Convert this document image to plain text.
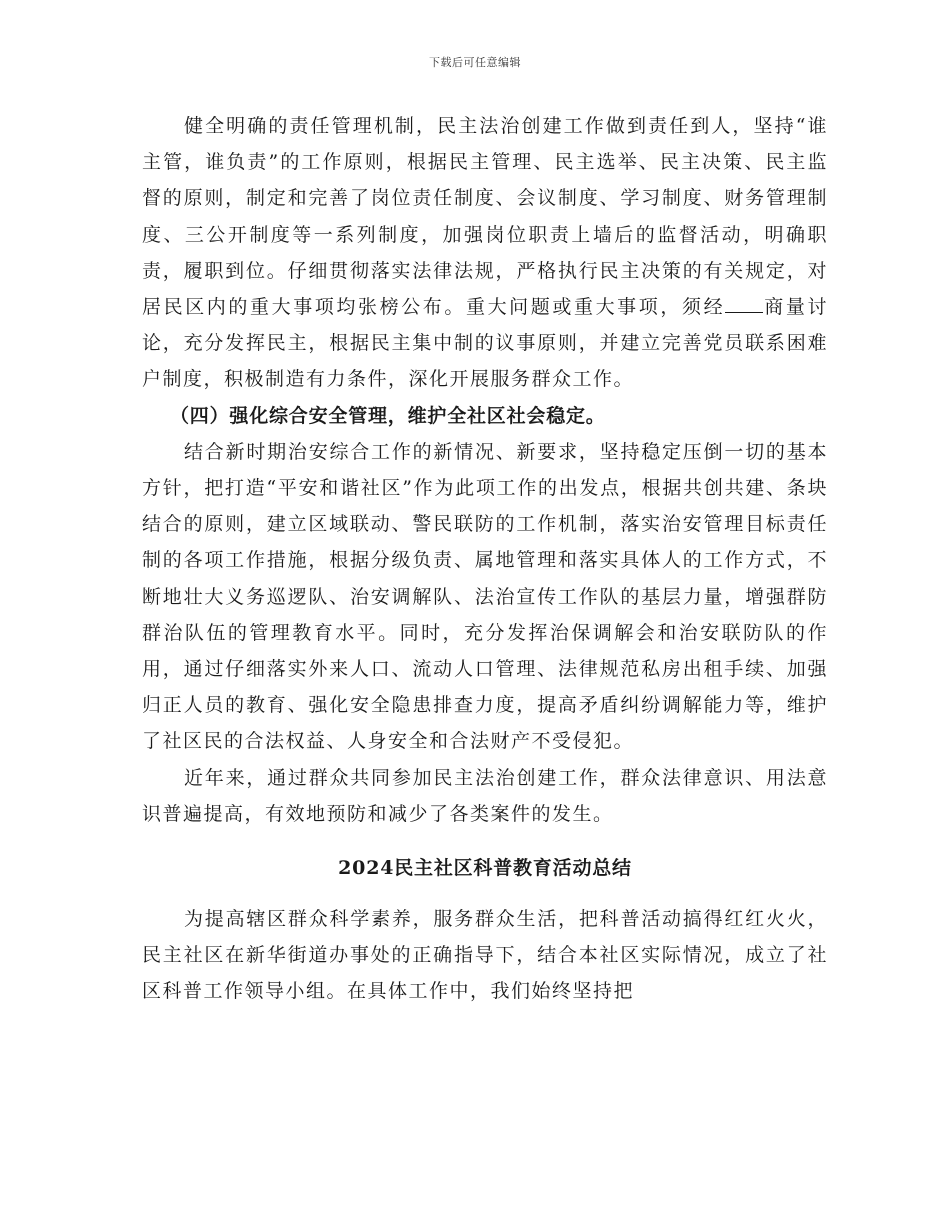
下载后可任意编辑

健全明确的责任管理机制，民主法治创建工作做到责任到人，坚持“谁主管，谁负责”的工作原则，根据民主管理、民主选举、民主决策、民主监督的原则，制定和完善了岗位责任制度、会议制度、学习制度、财务管理制度、三公开制度等一系列制度，加强岗位职责上墙后的监督活动，明确职责，履职到位。仔细贯彻落实法律法规，严格执行民主决策的有关规定，对居民区内的重大事项均张榜公布。重大问题或重大事项，须经 商量讨论，充分发挥民主，根据民主集中制的议事原则，并建立完善党员联系困难户制度，积极制造有力条件，深化开展服务群众工作。

（四）强化综合安全管理，维护全社区社会稳定。

结合新时期治安综合工作的新情况、新要求，坚持稳定压倒一切的基本方针，把打造“平安和谐社区”作为此项工作的出发点，根据共创共建、条块结合的原则，建立区域联动、警民联防的工作机制，落实治安管理目标责任制的各项工作措施，根据分级负责、属地管理和落实具体人的工作方式，不断地壮大义务巡逻队、治安调解队、法治宣传工作队的基层力量，增强群防群治队伍的管理教育水平。同时，充分发挥治保调解会和治安联防队的作用，通过仔细落实外来人口、流动人口管理、法律规范私房出租手续、加强归正人员的教育、强化安全隐患排查力度，提高矛盾纠纷调解能力等，维护了社区民的合法权益、人身安全和合法财产不受侵犯。

近年来，通过群众共同参加民主法治创建工作，群众法律意识、用法意识普遍提高，有效地预防和减少了各类案件的发生。

2024民主社区科普教育活动总结

为提高辖区群众科学素养，服务群众生活，把科普活动搞得红红火火，民主社区在新华街道办事处的正确指导下，结合本社区实际情况，成立了社区科普工作领导小组。在具体工作中，我们始终坚持把
